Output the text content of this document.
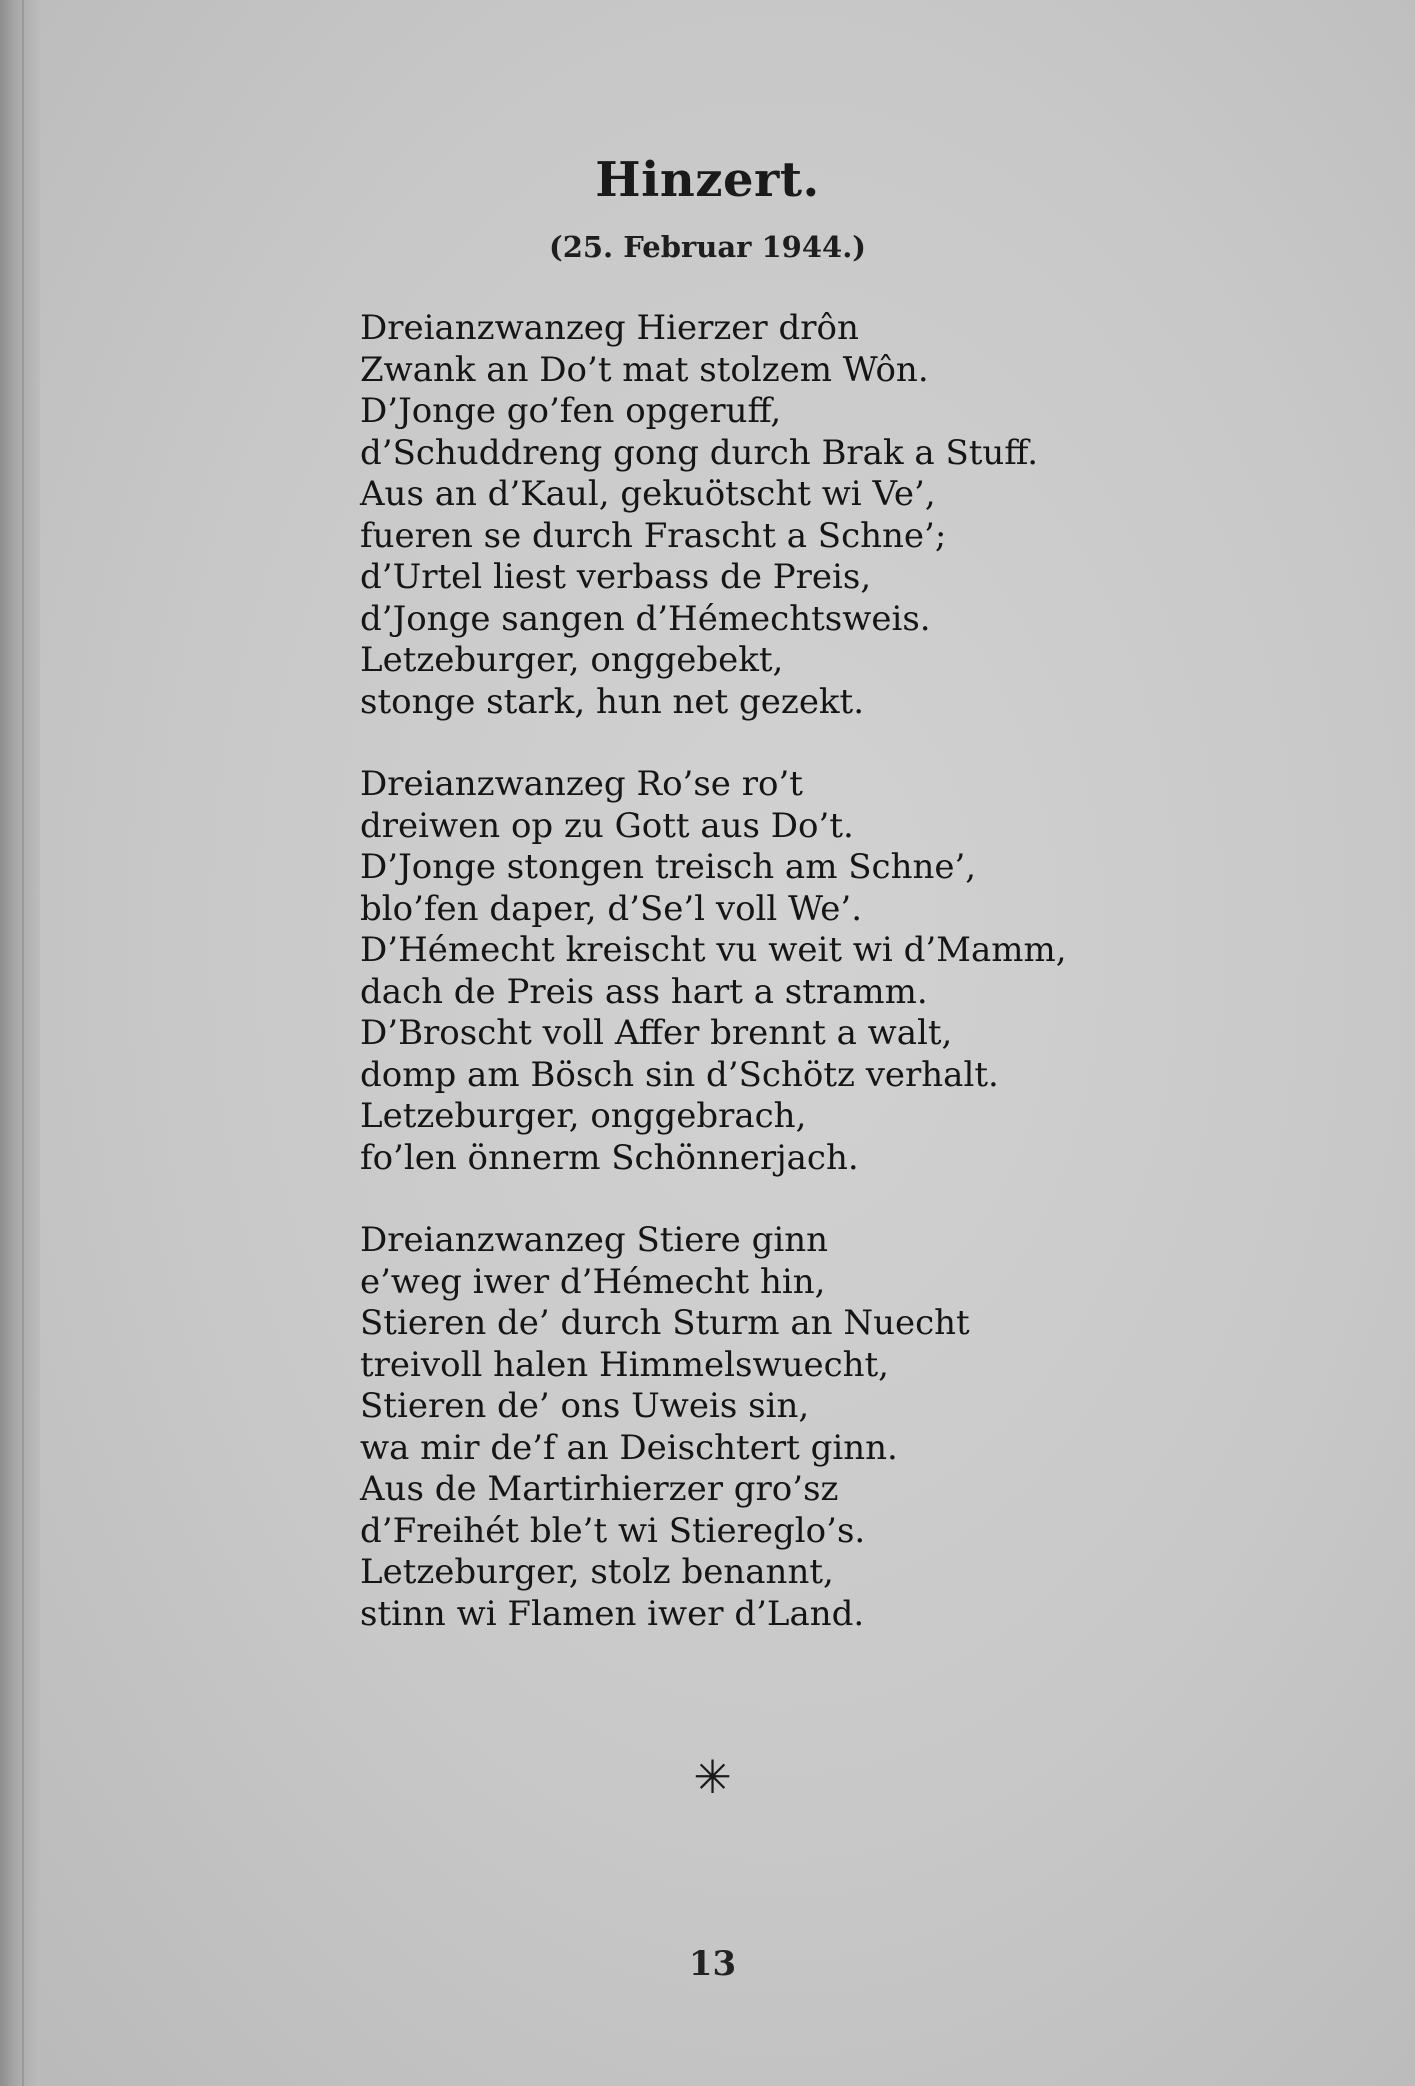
Hinzert.
(25. Februar 1944.)
Dreianzwanzeg Hierzer drôn
Zwank an Do’t mat stolzem Wôn.
D’Jonge go’fen opgeruff,
d’Schuddreng gong durch Brak a Stuff.
Aus an d’Kaul, gekuötscht wi Ve’,
fueren se durch Frascht a Schne’;
d’Urtel liest verbass de Preis,
d’Jonge sangen d’Hémechtsweis.
Letzeburger, onggebekt,
stonge stark, hun net gezekt.
Dreianzwanzeg Ro’se ro’t
dreiwen op zu Gott aus Do’t.
D’Jonge stongen treisch am Schne’,
blo’fen daper, d’Se’l voll We’.
D’Hémecht kreischt vu weit wi d’Mamm,
dach de Preis ass hart a stramm.
D’Broscht voll Affer brennt a walt,
domp am Bösch sin d’Schötz verhalt.
Letzeburger, onggebrach,
fo’len önnerm Schönnerjach.
Dreianzwanzeg Stiere ginn
e’weg iwer d’Hémecht hin,
Stieren de’ durch Sturm an Nuecht
treivoll halen Himmelswuecht,
Stieren de’ ons Uweis sin,
wa mir de’f an Deischtert ginn.
Aus de Martirhierzer gro’sz
d’Freihét ble’t wi Stiereglo’s.
Letzeburger, stolz benannt,
stinn wi Flamen iwer d’Land.
✳
13
